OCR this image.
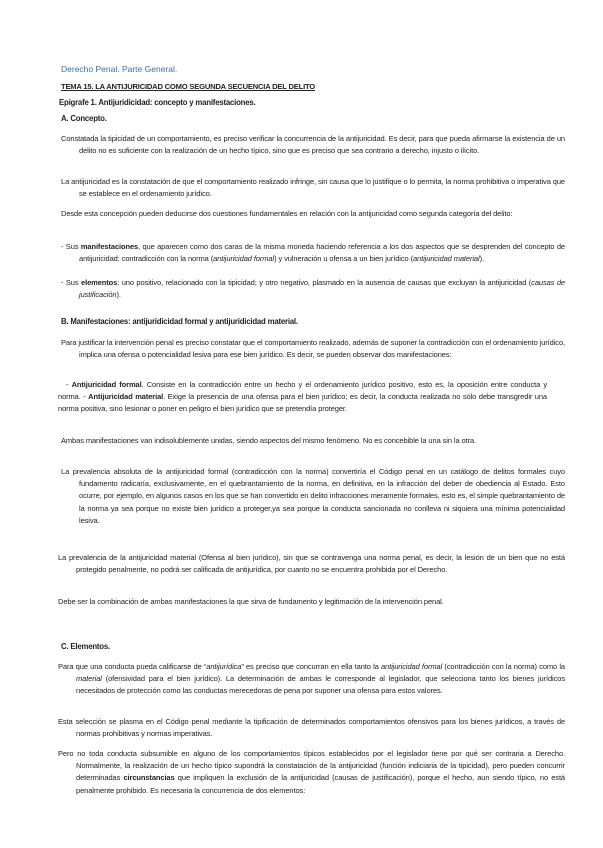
Derecho Penal. Parte General.
TEMA 15. LA ANTIJURICIDAD COMO SEGUNDA SECUENCIA DEL DELITO
Epígrafe 1. Antijuridicidad: concepto y manifestaciones.
A. Concepto.
Constatada la tipicidad de un comportamiento, es preciso verificar la concurrencia de la antijuricidad. Es decir, para que pueda afirmarse la existencia de un delito no es suficiente con la realización de un hecho típico, sino que es preciso que sea contrario a derecho, injusto o ilícito.
La antijuricidad es la constatación de que el comportamiento realizado infringe, sin causa que lo justifique o lo permita, la norma prohibitiva o imperativa que se establece en el ordenamiento jurídico.
Desde esta concepción pueden deducirse dos cuestiones fundamentales en relación con la antijuricidad como segunda categoría del delito:
- Sus manifestaciones, que aparecen como dos caras de la misma moneda haciendo referencia a los dos aspectos que se desprenden del concepto de antijuricidad: contradicción con la norma (antijuricidad formal) y vulneración u ofensa a un bien jurídico (antijuricidad material).
- Sus elementos: uno positivo, relacionado con la tipicidad; y otro negativo, plasmado en la ausencia de causas que excluyan la antijuricidad (causas de justificación).
B. Manifestaciones: antijuridicidad formal y antijuridicidad material.
Para justificar la intervención penal es preciso constatar que el comportamiento realizado, además de suponer la contradicción con el ordenamiento jurídico, implica una ofensa o potencialidad lesiva para ese bien jurídico. Es decir, se pueden observar dos manifestaciones:
- Antijuricidad formal. Consiste en la contradicción entre un hecho y el ordenamiento jurídico positivo, esto es, la oposición entre conducta y norma. - Antijuricidad material. Exige la presencia de una ofensa para el bien jurídico; es decir, la conducta realizada no sólo debe transgredir una norma positiva, sino lesionar o poner en peligro el bien jurídico que se pretendía proteger.
Ambas manifestaciones van indisolublemente unidas, siendo aspectos del mismo fenómeno. No es concebible la una sin la otra.
La prevalencia absoluta de la antijuricidad formal (contradicción con la norma) convertiría el Código penal en un catálogo de delitos formales cuyo fundamento radicaría, exclusivamente, en el quebrantamiento de la norma, en definitiva, en la infracción del deber de obediencia al Estado. Esto ocurre, por ejemplo, en algunos casos en los que se han convertido en delito infracciones meramente formales, esto es, el simple quebrantamiento de la norma ya sea porque no existe bien jurídico a proteger,ya sea porque la conducta sancionada no conlleva ni siquiera una mínima potencialidad lesiva.
La prevalencia de la antijuricidad material (Ofensa al bien jurídico), sin que se contravenga una norma penal, es decir, la lesión de un bien que no está protegido penalmente, no podrá ser calificada de antijurídica, por cuanto no se encuentra prohibida por el Derecho.
Debe ser la combinación de ambas manifestaciones la que sirva de fundamento y legitimación de la intervención penal.
C. Elementos.
Para que una conducta pueda calificarse de “antijurídica” es preciso que concurran en ella tanto la antijuricidad formal (contradicción con la norma) como la material (ofensividad para el bien jurídico). La determinación de ambas le corresponde al legislador, que selecciona tanto los bienes jurídicos necesitados de protección como las conductas merecedoras de pena por suponer una ofensa para estos valores.
Esta selección se plasma en el Código penal mediante la tipificación de determinados comportamientos ofensivos para los bienes jurídicos, a través de normas prohibitivas y normas imperativas.
Pero no toda conducta subsumible en alguno de los comportamientos típicos establecidos por el legislador tiene por qué ser contraria a Derecho. Normalmente, la realización de un hecho típico supondrá la constatación de la antijuricidad (función indiciaria de la tipicidad), pero pueden concurrir determinadas circunstancias que impliquen la exclusión de la antijuricidad (causas de justificación), porque el hecho, aun siendo típico, no está penalmente prohibido. Es necesaria la concurrencia de dos elementos:
